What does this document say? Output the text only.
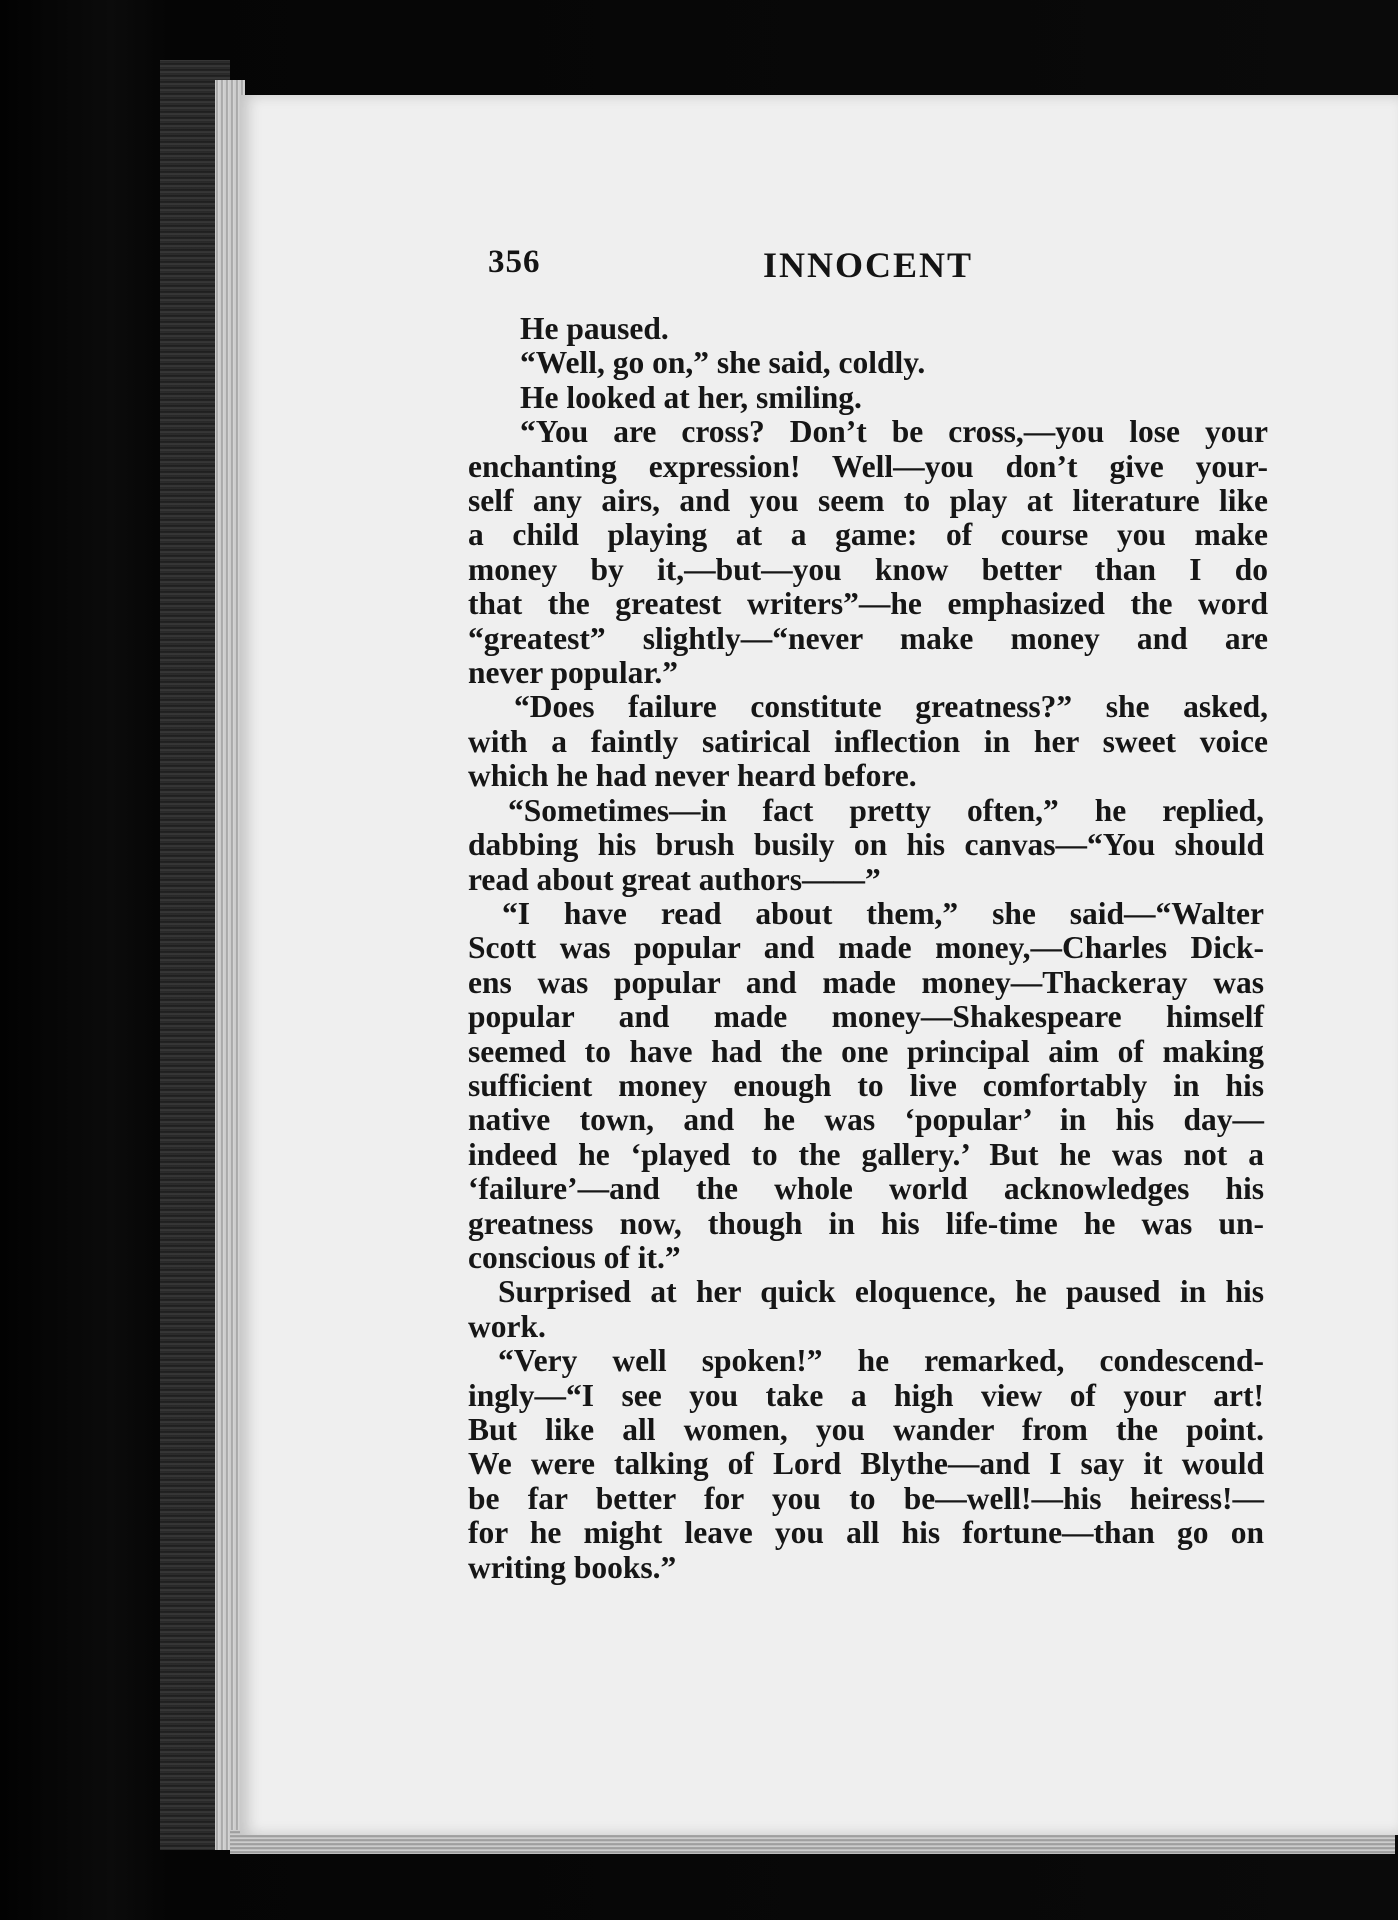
356	INNOCENT
He paused.
“Well, go on,” she said, coldly.
He looked at her, smiling.
“You are cross? Don’t be cross,—you lose your
enchanting expression! Well—you don’t give your-
self any airs, and you seem to play at literature like
a child playing at a game: of course you make
money by it,—but—you know better than I do
that the greatest writers”—he emphasized the word
“greatest” slightly—“never make money and are
never popular.”
“Does failure constitute greatness?” she asked,
with a faintly satirical inflection in her sweet voice
which he had never heard before.
“Sometimes—in fact pretty often,” he replied,
dabbing his brush busily on his canvas—“You should
read about great authors——”
“I have read about them,” she said—“Walter
Scott was popular and made money,—Charles Dick-
ens was popular and made money—Thackeray was
popular and made money—Shakespeare himself
seemed to have had the one principal aim of making
sufficient money enough to live comfortably in his
native town, and he was ‘popular’ in his day—
indeed he ‘played to the gallery.’ But he was not a
‘failure’—and the whole world acknowledges his
greatness now, though in his life-time he was un-
conscious of it.”
Surprised at her quick eloquence, he paused in his
work.
“Very well spoken!” he remarked, condescend-
ingly—“I see you take a high view of your art!
But like all women, you wander from the point.
We were talking of Lord Blythe—and I say it would
be far better for you to be—well!—his heiress!—
for he might leave you all his fortune—than go on
writing books.”
